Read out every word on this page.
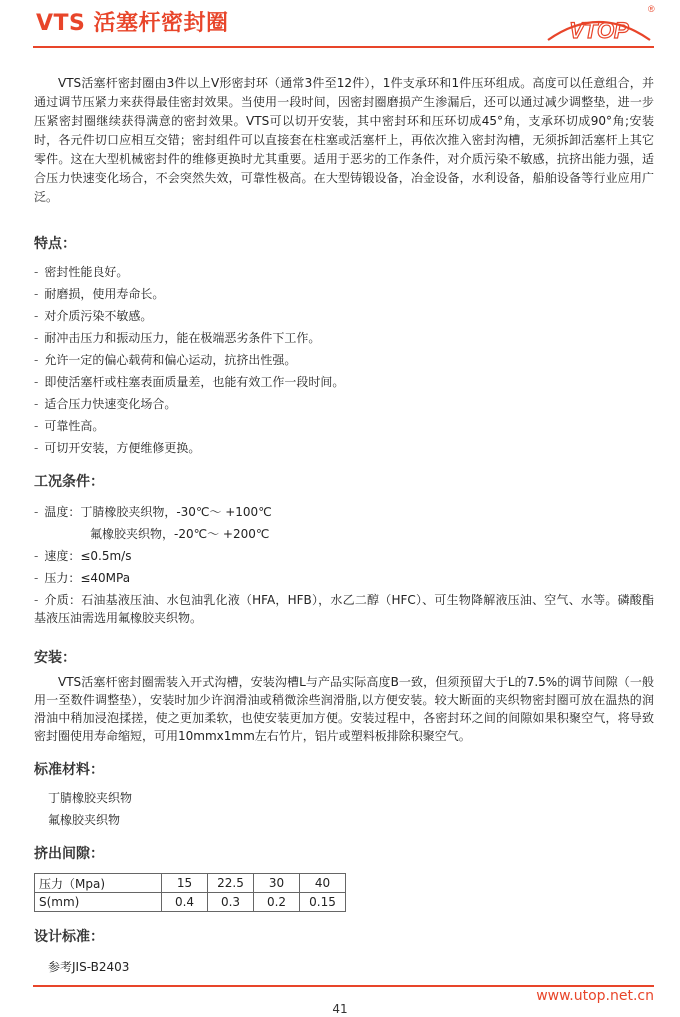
VTS 活塞杆密封圈	VTOP
®

VTS活塞杆密封圈由3件以上V形密封环（通常3件至12件），1件支承环和1件压环组成。高度可以任意组合，并通过调节压紧力来获得最佳密封效果。当使用一段时间，因密封圈磨损产生渗漏后，还可以通过减少调整垫，进一步压紧密封圈继续获得满意的密封效果。VTS可以切开安装，其中密封环和压环切成45°角，支承环切成90°角;安装时，各元件切口应相互交错；密封组件可以直接套在柱塞或活塞杆上，再依次推入密封沟槽，无须拆卸活塞杆上其它零件。这在大型机械密封件的维修更换时尤其重要。适用于恶劣的工作条件，对介质污染不敏感，抗挤出能力强，适合压力快速变化场合，不会突然失效，可靠性极高。在大型铸锻设备，冶金设备，水利设备，船舶设备等行业应用广泛。

特点：
- 密封性能良好。
- 耐磨损，使用寿命长。
- 对介质污染不敏感。
- 耐冲击压力和振动压力，能在极端恶劣条件下工作。
- 允许一定的偏心载荷和偏心运动，抗挤出性强。
- 即使活塞杆或柱塞表面质量差，也能有效工作一段时间。
- 适合压力快速变化场合。
- 可靠性高。
- 可切开安装，方便维修更换。
工况条件：

- 温度：丁腈橡胶夹织物，-30℃～ +100℃

氟橡胶夹织物，-20℃～ +200℃

- 速度：≤0.5m/s

- 压力：≤40MPa

- 介质：石油基液压油、水包油乳化液（HFA，HFB），水乙二醇（HFC）、可生物降解液压油、空气、水等。磷酸酯基液压油需选用氟橡胶夹织物。

安装：

VTS活塞杆密封圈需装入开式沟槽，安装沟槽L与产品实际高度B一致，但须预留大于L的7.5%的调节间隙（一般用一至数件调整垫），安装时加少许润滑油或稍微涂些润滑脂,以方便安装。较大断面的夹织物密封圈可放在温热的润滑油中稍加浸泡揉搓，使之更加柔软，也使安装更加方便。安装过程中，各密封环之间的间隙如果积聚空气，将导致密封圈使用寿命缩短，可用10mmx1mm左右竹片，铝片或塑料板排除积聚空气。

标准材料：
丁腈橡胶夹织物
氟橡胶夹织物
挤出间隙：
压力（Mpa)	15	22.5	30	40
S(mm)	0.4	0.3	0.2	0.15
设计标准：
参考JIS-B2403
www.utop.net.cn
41
